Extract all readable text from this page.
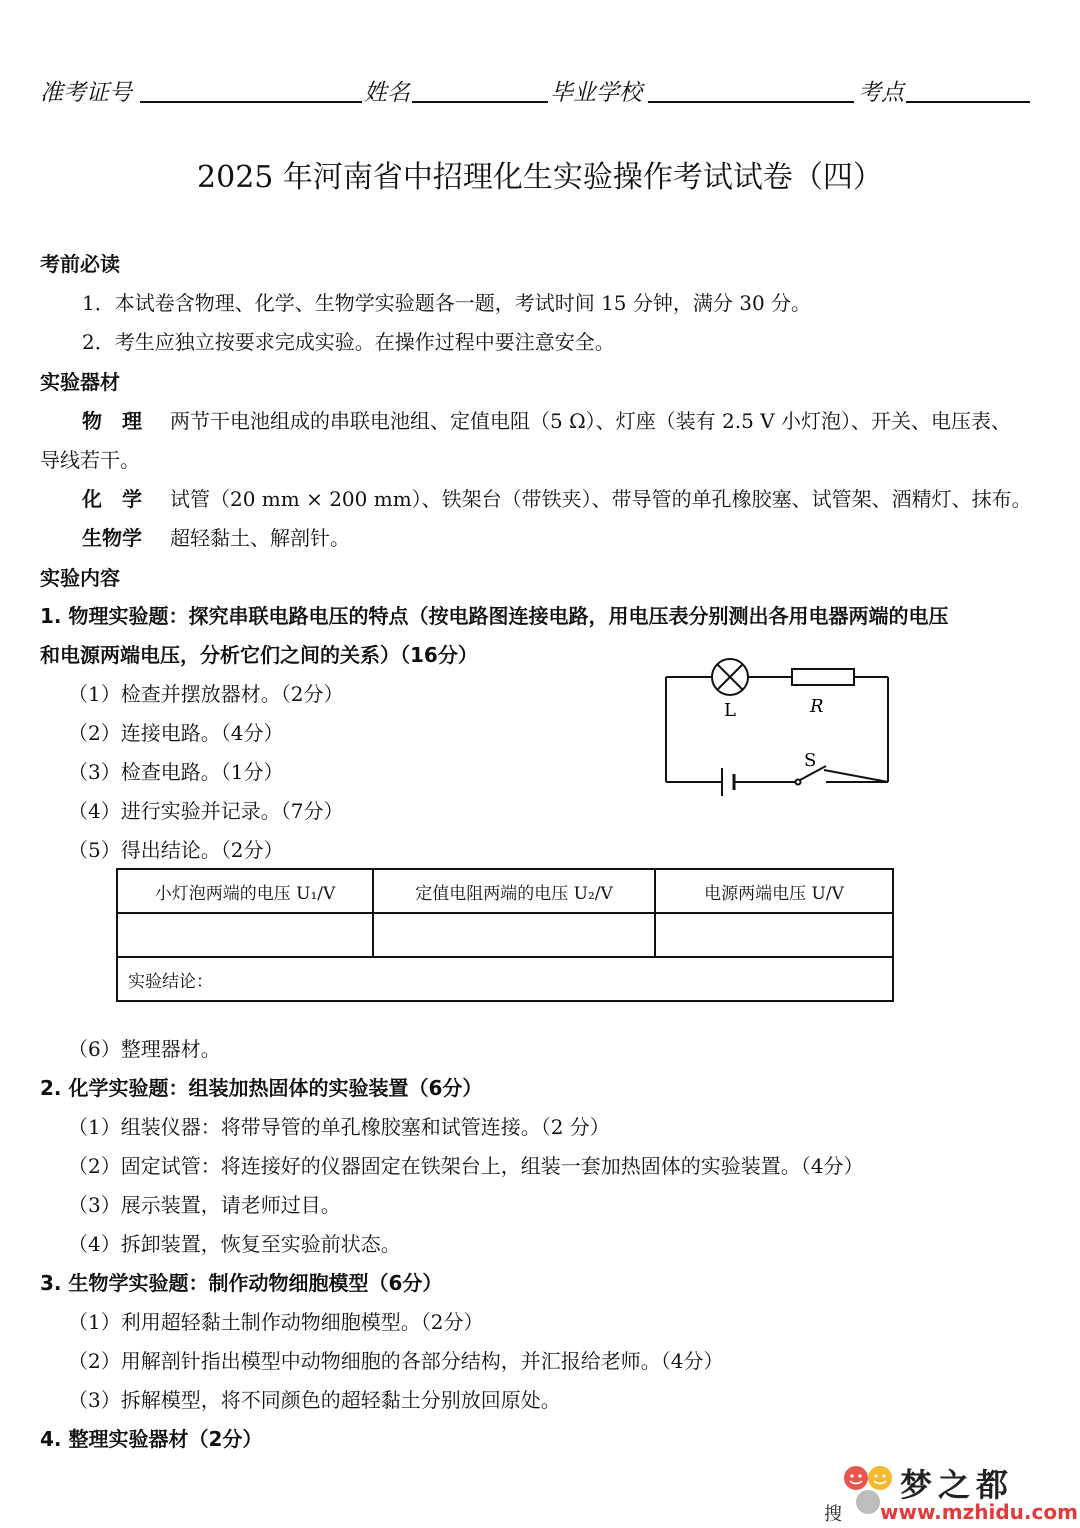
准考证号	姓名	毕业学校	考点
2025 年河南省中招理化生实验操作考试试卷（四）
考前必读
1．本试卷含物理、化学、生物学实验题各一题，考试时间 15 分钟，满分 30 分。
2．考生应独立按要求完成实验。在操作过程中要注意安全。
实验器材
物　理 两节干电池组成的串联电池组、定值电阻（5 Ω）、灯座（装有 2.5 V 小灯泡）、开关、电压表、
导线若干。
化　学 试管（20 mm × 200 mm）、铁架台（带铁夹）、带导管的单孔橡胶塞、试管架、酒精灯、抹布。
生物学 超轻黏土、解剖针。
实验内容
1. 物理实验题：探究串联电路电压的特点（按电路图连接电路，用电压表分别测出各用电器两端的电压
和电源两端电压，分析它们之间的关系）（16分）
（1）检查并摆放器材。（2分）
（2）连接电路。（4分）
（3）检查电路。（1分）
（4）进行实验并记录。（7分）
（5）得出结论。（2分）
L	R
S
小灯泡两端的电压 U₁/V	定值电阻两端的电压 U₂/V	电源两端电压 U/V

实验结论：		
（6）整理器材。
2. 化学实验题：组装加热固体的实验装置（6分）
（1）组装仪器：将带导管的单孔橡胶塞和试管连接。（2 分）
（2）固定试管：将连接好的仪器固定在铁架台上，组装一套加热固体的实验装置。（4分）
（3）展示装置，请老师过目。
（4）拆卸装置，恢复至实验前状态。
3. 生物学实验题：制作动物细胞模型（6分）
（1）利用超轻黏土制作动物细胞模型。（2分）
（2）用解剖针指出模型中动物细胞的各部分结构，并汇报给老师。（4分）
（3）拆解模型，将不同颜色的超轻黏土分别放回原处。
4. 整理实验器材（2分）
梦之都
搜 www.mzhidu.com
